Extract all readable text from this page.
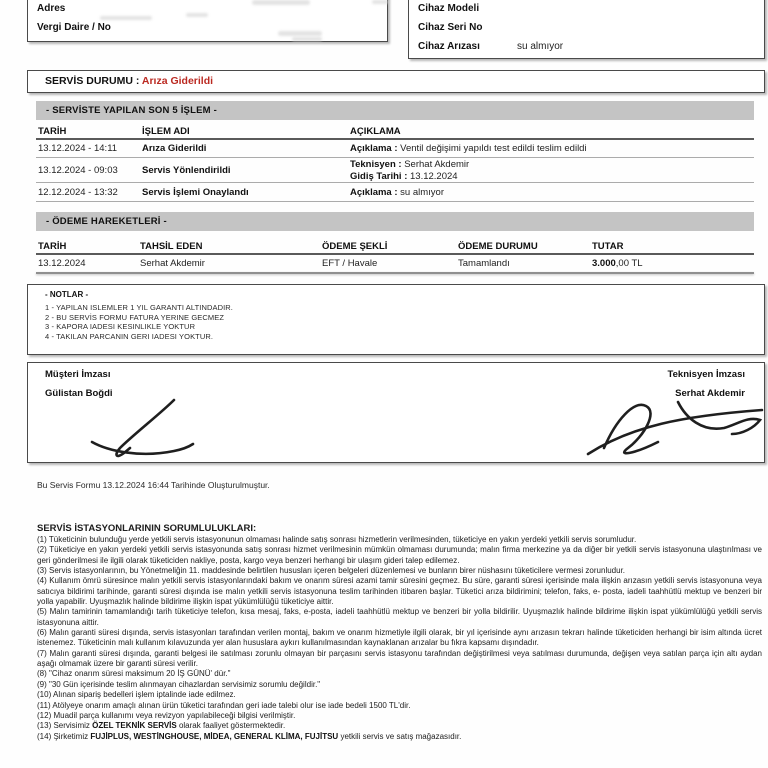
Adres
Vergi Daire / No
Cihaz Modeli
Cihaz Seri No
Cihaz Arızası	su almıyor
SERVİS DURUMU : Arıza Giderildi
- SERVİSTE YAPILAN SON 5 İŞLEM -
TARİH	İŞLEM ADI	AÇIKLAMA
13.12.2024 - 14:11	Arıza Giderildi	Açıklama : Ventil değişimi yapıldı test edildi teslim edildi
13.12.2024 - 09:03	Servis Yönlendirildi
Teknisyen : Serhat Akdemir
Gidiş Tarihi : 13.12.2024
12.12.2024 - 13:32	Servis İşlemi Onaylandı	Açıklama : su almıyor
- ÖDEME HAREKETLERİ -
TARİH	TAHSİL EDEN	ÖDEME ŞEKLİ	ÖDEME DURUMU	TUTAR
13.12.2024	Serhat Akdemir	EFT / Havale	Tamamlandı	3.000,00 TL
- NOTLAR -
1 - YAPILAN ISLEMLER 1 YIL GARANTI ALTINDADIR.
2 - BU SERVİS FORMU FATURA YERINE GECMEZ
3 - KAPORA IADESI KESINLIKLE YOKTUR
4 - TAKILAN PARCANIN GERI IADESI YOKTUR.
Müşteri İmzası
Gülistan Boğdi
Teknisyen İmzası
Serhat Akdemir
Bu Servis Formu 13.12.2024 16:44 Tarihinde Oluşturulmuştur.
SERVİS İSTASYONLARININ SORUMLULUKLARI:
(1) Tüketicinin bulunduğu yerde yetkili servis istasyonunun olmaması halinde satış sonrası hizmetlerin verilmesinden, tüketiciye en yakın yerdeki yetkili servis sorumludur.
(2) Tüketiciye en yakın yerdeki yetkili servis istasyonunda satış sonrası hizmet verilmesinin mümkün olmaması durumunda; malın firma merkezine ya da diğer bir yetkili servis istasyonuna ulaştırılması ve geri gönderilmesi ile ilgili olarak tüketiciden nakliye, posta, kargo veya benzeri herhangi bir ulaşım gideri talep edilemez.
(3) Servis istasyonlarının, bu Yönetmeliğin 11. maddesinde belirtilen hususları içeren belgeleri düzenlemesi ve bunların birer nüshasını tüketicilere vermesi zorunludur.
(4) Kullanım ömrü süresince malın yetkili servis istasyonlarındaki bakım ve onarım süresi azami tamir süresini geçmez. Bu süre, garanti süresi içerisinde mala ilişkin arızasın yetkili servis istasyonuna veya satıcıya bildirimi tarihinde, garanti süresi dışında ise malın yetkili servis istasyonuna teslim tarihinden itibaren başlar. Tüketici arıza bildirimini; telefon, faks, e- posta, iadeli taahhütlü mektup ve benzeri bir yolla yapabilir. Uyuşmazlık halinde bildirime ilişkin ispat yükümlülüğü tüketiciye aittir.
(5) Malın tamirinin tamamlandığı tarih tüketiciye telefon, kısa mesaj, faks, e-posta, iadeli taahhütlü mektup ve benzeri bir yolla bildirilir. Uyuşmazlık halinde bildirime ilişkin ispat yükümlülüğü yetkili servis istasyonuna aittir.
(6) Malın garanti süresi dışında, servis istasyonları tarafından verilen montaj, bakım ve onarım hizmetiyle ilgili olarak, bir yıl içerisinde aynı arızasın tekrarı halinde tüketiciden herhangi bir isim altında ücret istenemez. Tüketicinin malı kullanım kılavuzunda yer alan hususlara aykırı kullanılmasından kaynaklanan arızalar bu fıkra kapsamı dışındadır.
(7) Malın garanti süresi dışında, garanti belgesi ile satılması zorunlu olmayan bir parçasını servis istasyonu tarafından değiştirilmesi veya satılması durumunda, değişen veya satılan parça için altı aydan aşağı olmamak üzere bir garanti süresi verilir.
(8) "Cihaz onarım süresi maksimum 20 İŞ GÜNÜ' dür."
(9) "30 Gün içerisinde teslim alınmayan cihazlardan servisimiz sorumlu değildir."
(10) Alınan sipariş bedelleri işlem iptalinde iade edilmez.
(11) Atölyeye onarım amaçlı alınan ürün tüketici tarafından geri iade talebi olur ise iade bedeli 1500 TL'dir.
(12) Muadil parça kullanımı veya revizyon yapılabileceği bilgisi verilmiştir.
(13) Servisimiz ÖZEL TEKNİK SERVİS olarak faaliyet göstermektedir.
(14) Şirketimiz FUJİPLUS, WESTİNGHOUSE, MİDEA, GENERAL KLİMA, FUJİTSU yetkili servis ve satış mağazasıdır.
